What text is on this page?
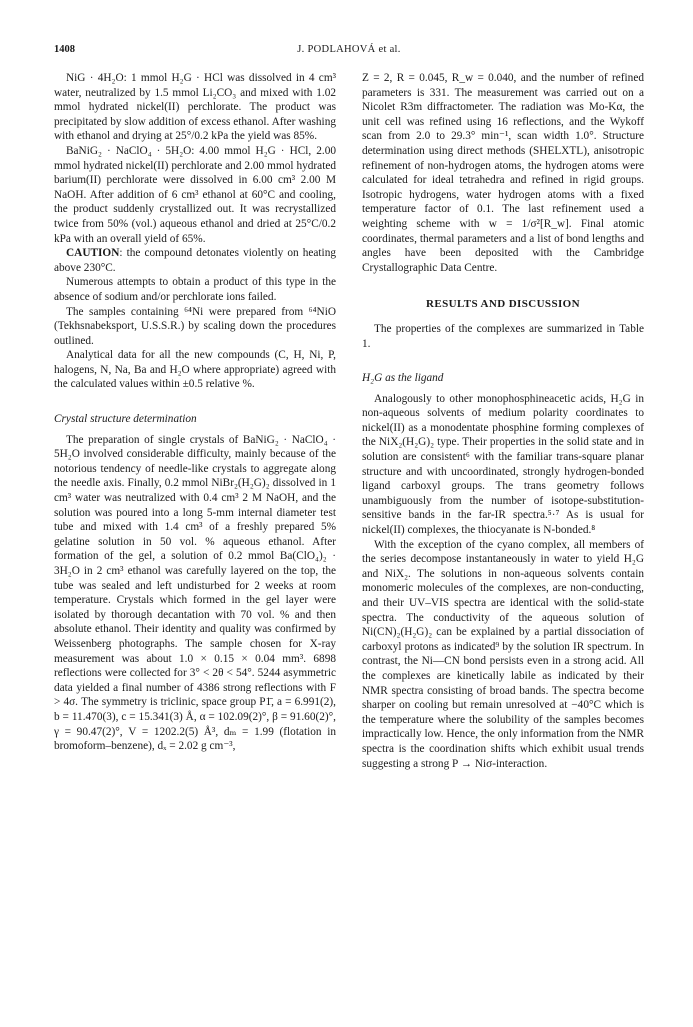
1408	J. PODLAHOVÁ et al.

NiG · 4H₂O: 1 mmol H₂G · HCl was dissolved in 4 cm³ water, neutralized by 1.5 mmol Li₂CO₃ and mixed with 1.02 mmol hydrated nickel(II) perchlorate. The product was precipitated by slow addition of excess ethanol. After washing with ethanol and drying at 25°/0.2 kPa the yield was 85%.

BaNiG₂ · NaClO₄ · 5H₂O: 4.00 mmol H₂G · HCl, 2.00 mmol hydrated nickel(II) perchlorate and 2.00 mmol hydrated barium(II) perchlorate were dissolved in 6.00 cm³ 2.00 M NaOH. After addition of 6 cm³ ethanol at 60°C and cooling, the product suddenly crystallized out. It was recrystallized twice from 50% (vol.) aqueous ethanol and dried at 25°C/0.2 kPa with an overall yield of 65%.

CAUTION: the compound detonates violently on heating above 230°C.

Numerous attempts to obtain a product of this type in the absence of sodium and/or perchlorate ions failed.

The samples containing ⁶⁴Ni were prepared from ⁶⁴NiO (Tekhsnabeksport, U.S.S.R.) by scaling down the procedures outlined.

Analytical data for all the new compounds (C, H, Ni, P, halogens, N, Na, Ba and H₂O where appropriate) agreed with the calculated values within ±0.5 relative %.

Crystal structure determination

The preparation of single crystals of BaNiG₂ · NaClO₄ · 5H₂O involved considerable difficulty, mainly because of the notorious tendency of needle-like crystals to aggregate along the needle axis. Finally, 0.2 mmol NiBr₂(H₂G)₂ dissolved in 1 cm³ water was neutralized with 0.4 cm³ 2 M NaOH, and the solution was poured into a long 5-mm internal diameter test tube and mixed with 1.4 cm³ of a freshly prepared 5% gelatine solution in 50 vol. % aqueous ethanol. After formation of the gel, a solution of 0.2 mmol Ba(ClO₄)₂ · 3H₂O in 2 cm³ ethanol was carefully layered on the top, the tube was sealed and left undisturbed for 2 weeks at room temperature. Crystals which formed in the gel layer were isolated by thorough decantation with 70 vol. % and then absolute ethanol. Their identity and quality was confirmed by Weissenberg photographs. The sample chosen for X-ray measurement was about 1.0 × 0.15 × 0.04 mm³. 6898 reflections were collected for 3° < 2θ < 54°. 5244 asymmetric data yielded a final number of 4386 strong reflections with F > 4σ. The symmetry is triclinic, space group P1̄, a = 6.991(2), b = 11.470(3), c = 15.341(3) Å, α = 102.09(2)°, β = 91.60(2)°, γ = 90.47(2)°, V = 1202.2(5) Å³, dₘ = 1.99 (flotation in bromoform–benzene), dₓ = 2.02 g cm⁻³,

Z = 2, R = 0.045, R_w = 0.040, and the number of refined parameters is 331. The measurement was carried out on a Nicolet R3m diffractometer. The radiation was Mo-Kα, the unit cell was refined using 16 reflections, and the Wykoff scan from 2.0 to 29.3° min⁻¹, scan width 1.0°. Structure determination using direct methods (SHELXTL), anisotropic refinement of non-hydrogen atoms, the hydrogen atoms were calculated for ideal tetrahedra and refined in rigid groups. Isotropic hydrogens, water hydrogen atoms with a fixed temperature factor of 0.1. The last refinement used a weighting scheme with w = 1/σ²[R_w]. Final atomic coordinates, thermal parameters and a list of bond lengths and angles have been deposited with the Cambridge Crystallographic Data Centre.

RESULTS AND DISCUSSION

The properties of the complexes are summarized in Table 1.

H₂G as the ligand

Analogously to other monophosphineacetic acids, H₂G in non-aqueous solvents of medium polarity coordinates to nickel(II) as a monodentate phosphine forming complexes of the NiX₂(H₂G)₂ type. Their properties in the solid state and in solution are consistent⁶ with the familiar trans-square planar structure and with uncoordinated, strongly hydrogen-bonded ligand carboxyl groups. The trans geometry follows unambiguously from the number of isotope-substitution-sensitive bands in the far-IR spectra.⁵·⁷ As is usual for nickel(II) complexes, the thiocyanate is N-bonded.⁸

With the exception of the cyano complex, all members of the series decompose instantaneously in water to yield H₂G and NiX₂. The solutions in non-aqueous solvents contain monomeric molecules of the complexes, are non-conducting, and their UV–VIS spectra are identical with the solid-state spectra. The conductivity of the aqueous solution of Ni(CN)₂(H₂G)₂ can be explained by a partial dissociation of carboxyl protons as indicated⁹ by the solution IR spectrum. In contrast, the Ni—CN bond persists even in a strong acid. All the complexes are kinetically labile as indicated by their NMR spectra consisting of broad bands. The spectra become sharper on cooling but remain unresolved at −40°C which is the temperature where the solubility of the samples becomes impractically low. Hence, the only information from the NMR spectra is the coordination shifts which exhibit usual trends suggesting a strong P → Niσ-interaction.
